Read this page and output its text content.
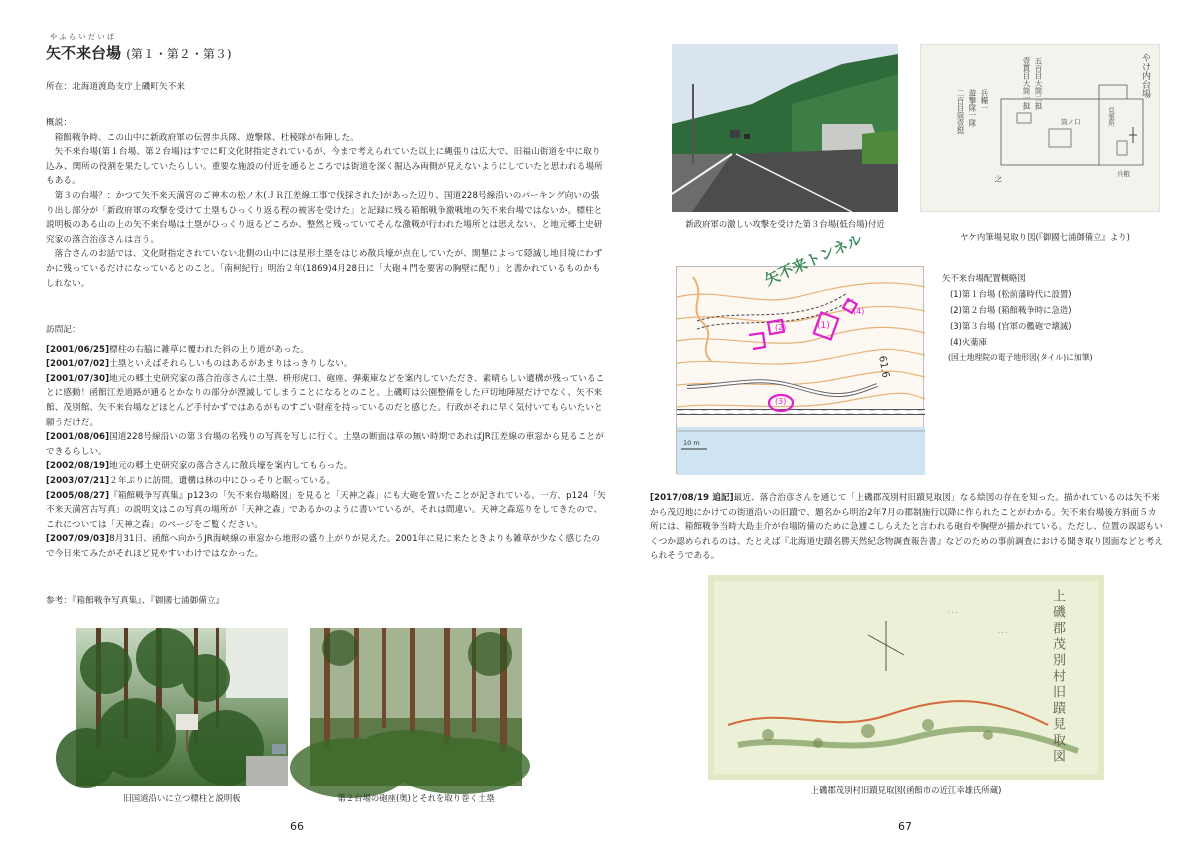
やふらいだいば
矢不来台場 (第１・第２・第３)
所在：北海道渡島支庁上磯町矢不来

概説：

箱館戦争時、この山中に新政府軍の伝習歩兵隊、遊撃隊、杜稜隊が布陣した。

矢不来台場(第１台場、第２台場)はすでに町文化財指定されているが、今まで考えられていた以上に縄張りは広大で、旧福山街道を中に取り込み、関所の役割を果たしていたらしい。重要な施設の付近を通るところでは街道を深く掘込み両側が見えないようにしていたと思われる場所もある。

第３の台場？：かつて矢不来天満宮のご神木の松ノ木(ＪＲ江差線工事で伐採された)があった辺り、国道228号線沿いのパーキング向いの張り出し部分が「新政府軍の攻撃を受けて土塁もひっくり返る程の被害を受けた」と記録に残る箱館戦争激戦地の矢不来台場ではないか。標柱と説明板のある山の上の矢不来台場は土塁がひっくり返るどころか、整然と残っていてそんな激戦が行われた場所とは思えない、と地元郷土史研究家の落合治彦さんは言う。

落合さんのお話では、文化財指定されていない北側の山中には星形土塁をはじめ散兵壕が点在していたが、開墾によって隠滅し地目境にわずかに残っているだけになっているとのこと。「南柯紀行」明治２年(1869)4月28日に「大砲４門を要害の胸壁に配り」と書かれているものかもしれない。

訪問記：

[2001/06/25]標柱の右脇に雑草に覆われた斜の上り道があった。

[2001/07/02]土塁といえばそれらしいものはあるがあまりはっきりしない。

[2001/07/30]地元の郷土史研究家の落合治彦さんに土塁、枡形虎口、砲座、弾薬庫などを案内していただき、素晴らしい遺構が残っていることに感動！函館江差道路が通るとかなりの部分が湮滅してしまうことになるとのこと。上磯町は公園整備をした戸切地陣屋だけでなく、矢不来館、茂別館、矢不来台場などほとんど手付かずではあるがものすごい財産を持っているのだと感じた。行政がそれに早く気付いてもらいたいと願うだけだ。

[2001/08/06]国道228号線沿いの第３台場の名残りの写真を写しに行く。土塁の断面は草の無い時期であればJR江差線の車窓から見ることができるらしい。

[2002/08/19]地元の郷土史研究家の落合さんに散兵壕を案内してもらった。

[2003/07/21]２年ぶりに訪問。遺構は林の中にひっそりと眠っている。

[2005/08/27]『箱館戦争写真集』p123の「矢不来台場略図」を見ると「天神之森」にも大砲を置いたことが記されている。一方、p124「矢不来天満宮古写真」の説明文はこの写真の場所が「天神之森」であるかのように書いているが、それは間違い。天神之森巡りをしてきたので、これについては「天神之森」のページをご覧ください。

[2007/09/03]8月31日、函館へ向かうJR海峡線の車窓から地形の盛り上がりが見えた。2001年に見に来たときよりも雑草が少なく感じたので今日来てみたがそれほど見やすいわけではなかった。

参考：『箱館戦争写真集』、『御國七浦御備立』
旧国道沿いに立つ標柱と説明板	第２台場の砲座(奥)とそれを取り巻く土塁
66
新政府軍の激しい攻撃を受けた第３台場(低台場)付近
やけ内台場
二百目筒壹挺 遊撃隊一隊 兵糧一	壹貫目大筒一挺 五百目大筒二挺
筒ノ口	見張所
兵粮
之
ヤケ内筆場見取り図(『御國七浦御備立』より)
矢不来トンネル
(1)
(2)
(3)
(4)
61.6
10 m
矢不来台場配置概略図
(1)第１台場 (松前藩時代に設置)
(2)第２台場 (箱館戦争時に急造)
(3)第３台場 (官軍の艦砲で壊滅)
(4)火薬庫
(国土地理院の電子地形図(タイル)に加筆)
[2017/08/19 追記]最近、落合治彦さんを通じて「上磯郡茂別村旧蹟見取図」なる絵図の存在を知った。描かれているのは矢不来から茂辺地にかけての街道沿いの旧蹟で、題名から明治2年7月の郡制施行以降に作られたことがわかる。矢不来台場後方斜面５カ所には、箱館戦争当時大島圭介が台場防備のために急遽こしらえたと言われる砲台や胸壁が描かれている。ただし、位置の誤認もいくつか認められるのは、たとえば『北海道史蹟名勝天然紀念物調査報告書』などのための事前調査における聞き取り図面などと考えられそうである。
· · ·
· · ·	上磯郡茂別村旧蹟見取図
上磯郡茂別村旧蹟見取図(函館市の近江幸雄氏所蔵)
67
